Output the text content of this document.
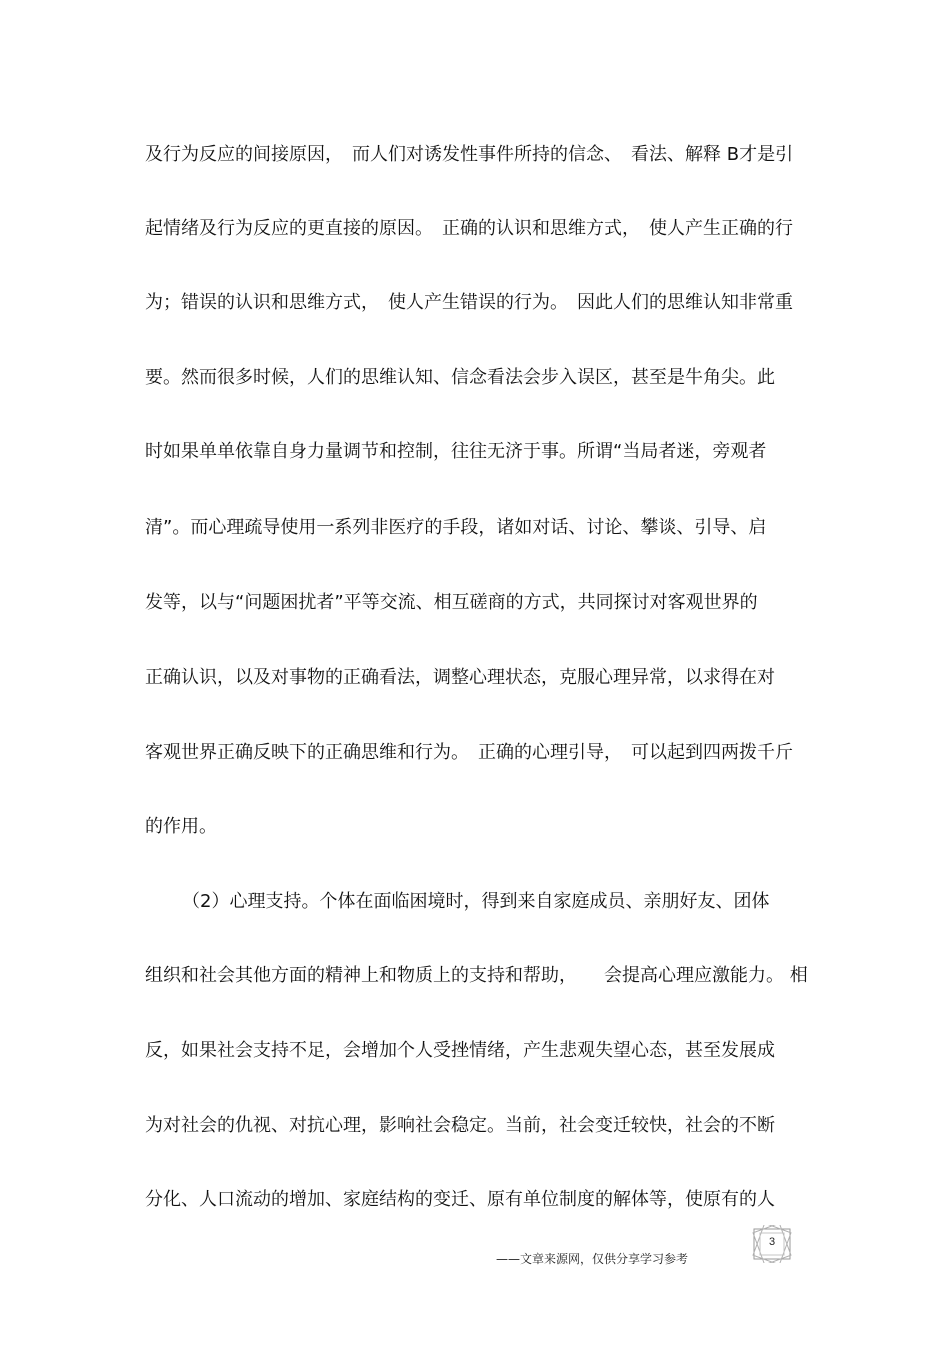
及行为反应的间接原因，　而人们对诱发性事件所持的信念、　看法、解释 B才是引
起情绪及行为反应的更直接的原因。　正确的认识和思维方式，　使人产生正确的行
为；错误的认识和思维方式，　使人产生错误的行为。　因此人们的思维认知非常重
要。然而很多时候，人们的思维认知、信念看法会步入误区，甚至是牛角尖。此
时如果单单依靠自身力量调节和控制，往往无济于事。所谓“当局者迷，旁观者
清”。而心理疏导使用一系列非医疗的手段，诸如对话、讨论、攀谈、引导、启
发等，以与“问题困扰者”平等交流、相互磋商的方式，共同探讨对客观世界的
正确认识，以及对事物的正确看法，调整心理状态，克服心理异常，以求得在对
客观世界正确反映下的正确思维和行为。　正确的心理引导，　可以起到四两拨千斤
的作用。
（2）心理支持。个体在面临困境时，得到来自家庭成员、亲朋好友、团体
组织和社会其他方面的精神上和物质上的支持和帮助，　　会提高心理应激能力。 相
反，如果社会支持不足，会增加个人受挫情绪，产生悲观失望心态，甚至发展成
为对社会的仇视、对抗心理，影响社会稳定。当前，社会变迁较快，社会的不断
分化、人口流动的增加、家庭结构的变迁、原有单位制度的解体等，使原有的人
3
——文章来源网，仅供分享学习参考
